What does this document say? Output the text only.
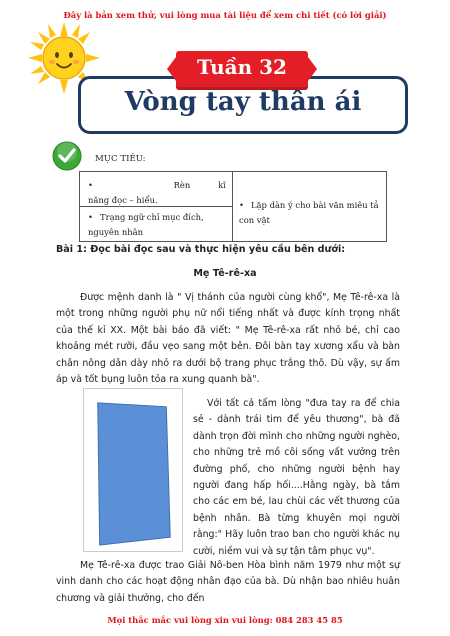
Đây là bản xem thử, vui lòng mua tài liệu để xem chi tiết (có lời giải)
Vòng tay thân ái
Tuần 32
MỤC TIÊU:
•	Rèn	kĩ
năng đọc – hiểu.
• Trạng ngữ chỉ mục đích,
nguyên nhân
• Lập dàn ý cho bài văn miêu tả con vật
Bài 1: Đọc bài đọc sau và thực hiện yêu cầu bên dưới:
Mẹ Tê-rê-xa
Được mệnh danh là " Vị thánh của người cùng khổ", Mẹ Tê-rê-xa là một trong những người phụ nữ nổi tiếng nhất và được kính trọng nhất của thế kỉ XX. Một bài báo đã viết: " Mẹ Tê-rê-xa rất nhỏ bé, chỉ cao khoảng mét rưỡi, đầu vẹo sang một bên. Đôi bàn tay xương xẩu và bàn chân nông dân dày nhỏ ra dưới bộ trang phục trắng thô. Dù vậy, sự ấm áp và tốt bụng luôn tỏa ra xung quanh bà".
Với tất cả tấm lòng "đưa tay ra để chia sẻ - dành trái tim để yêu thương", bà đã dành trọn đời mình cho những người nghèo, cho những trẻ mồ côi sống vất vưởng trên đường phố, cho những người bệnh hay người đang hấp hối....Hằng ngày, bà tắm cho các em bé, lau chùi các vết thương của bệnh nhân. Bà từng khuyên mọi người rằng:" Hãy luôn trao ban cho người khác nụ cười, niềm vui và sự tận tâm phục vụ".
Mẹ Tê-rê-xa được trao Giải Nô-ben Hòa bình năm 1979 như một sự vinh danh cho các hoạt động nhân đạo của bà. Dù nhận bao nhiêu huân chương và giải thưởng, cho đến
Mọi thắc mắc vui lòng xin vui lòng: 084 283 45 85
